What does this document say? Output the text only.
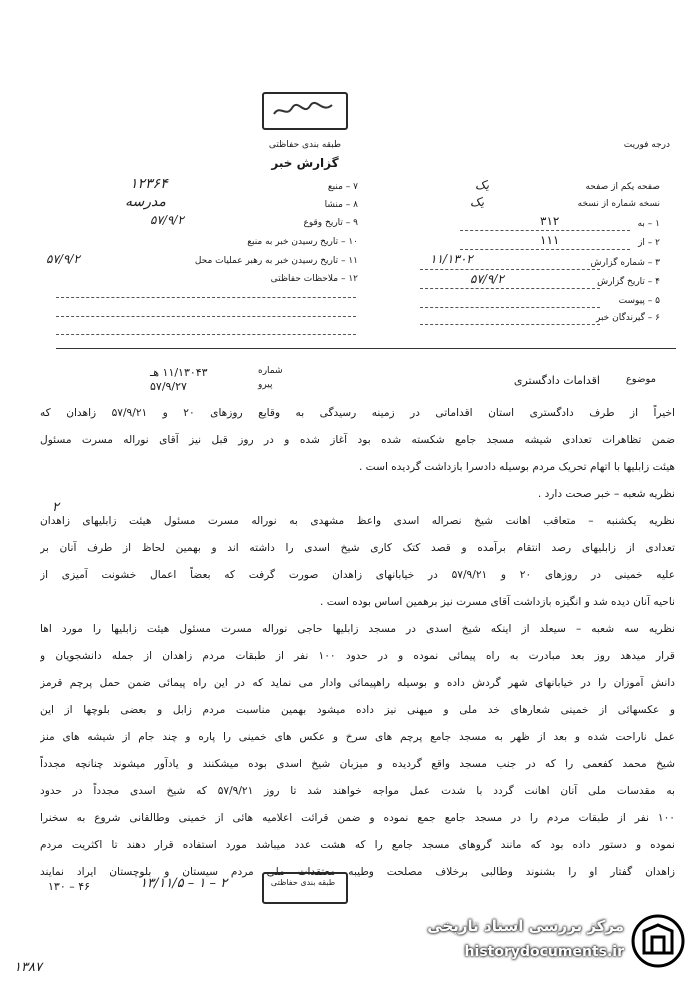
طبقه بندی حفاظتی
گزارش خبر
درجه فوریت
صفحه یکم از صفحه
یک
نسخه شماره از نسخه
یک
۱ – به
۳۱۲
۲ – از
۱۱۱
۳ – شماره گزارش
۱۱/۱۳۰۲
۴ – تاریخ گزارش
۵۷/۹/۲
۵ – پیوست
۶ – گیرندگان خبر
۷ – منبع
۱۲۳۶۴
۸ – منشا
مدرسه
۹ – تاریخ وقوع
۵۷/۹/۲
۱۰ – تاریخ رسیدن خبر به منبع
۱۱ – تاریخ رسیدن خبر به رهبر عملیات محل
۵۷/۹/۲
۱۲ – ملاحظات حفاظتی
موضوع
اقدامات دادگستری
شماره
۱۱/۱۳۰۴۳ هـ
پیرو
۵۷/۹/۲۷
اخیراً از طرف دادگستری استان اقداماتی در زمینه رسیدگی به وقایع روزهای ۲۰ و ۵۷/۹/۲۱ زاهدان که
ضمن تظاهرات تعدادی شیشه مسجد جامع شکسته شده بود آغاز شده و در روز قبل نیز آقای نوراله مسرت مسئول
هیئت زابلیها با اتهام تحریک مردم بوسیله دادسرا بازداشت گردیده است .
نظریه شعبه – خبر صحت دارد .
نظریه یکشنبه – متعاقب اهانت شیخ نصراله اسدی واعظ مشهدی به نوراله مسرت مسئول هیئت زابلیهای زاهدان
تعدادی از زابلیهای رصد انتقام برآمده و قصد کتک کاری شیخ اسدی را داشته اند و بهمین لحاظ از طرف آنان بر
علیه خمینی در روزهای ۲۰ و ۵۷/۹/۲۱ در خیابانهای زاهدان صورت گرفت که بعضاً اعمال خشونت آمیزی از
ناحیه آنان دیده شد و انگیزه بازداشت آقای مسرت نیز برهمین اساس بوده است .
نظریه سه شعبه – سیعلد از اینکه شیخ اسدی در مسجد زابلیها حاجی نوراله مسرت مسئول هیئت زابلیها را مورد اها
قرار میدهد روز بعد مبادرت به راه پیمائی نموده و در حدود ۱۰۰ نفر از طبقات مردم زاهدان از جمله دانشجویان و
دانش آموزان را در خیابانهای شهر گردش داده و بوسیله راهپیمائی وادار می نماید که در این راه پیمائی ضمن حمل پرچم قرمز
و عکسهائی از خمینی شعارهای خد ملی و میهنی نیز داده میشود بهمین مناسبت مردم زابل و بعضی بلوچها از این
عمل ناراحت شده و بعد از ظهر به مسجد جامع پرچم های سرخ و عکس های خمینی را پاره و چند جام از شیشه های منز
شیخ محمد کفعمی را که در جنب مسجد واقع گردیده و میزبان شیخ اسدی بوده میشکنند و یادآور میشوند چنانچه مجدداً
به مقدسات ملی آنان اهانت گردد با شدت عمل مواجه خواهند شد تا روز ۵۷/۹/۲۱ که شیخ اسدی مجدداً در حدود
۱۰۰ نفر از طبقات مردم را در مسجد جامع جمع نموده و ضمن قرائت اعلامیه هائی از خمینی وطالقانی شروع به سخنرا
نموده و دستور داده بود که مانند گروهای مسجد جامع را که هشت عدد میباشد مورد استفاده قرار دهند تا اکثریت مردم
زاهدان گفتار او را بشنوند وطالبی برخلاف مصلحت وطیبه معتقدات ملی مردم سیستان و بلوچستان ایراد نمایند
۲
طبقه بندی حفاظتی
۴۶ – ۱۳۰	۲ – ۱ – ۱۳/۱۱/۵
۱۳۸۷
مرکز بررسی اسناد تاریخی
historydocuments.ir
